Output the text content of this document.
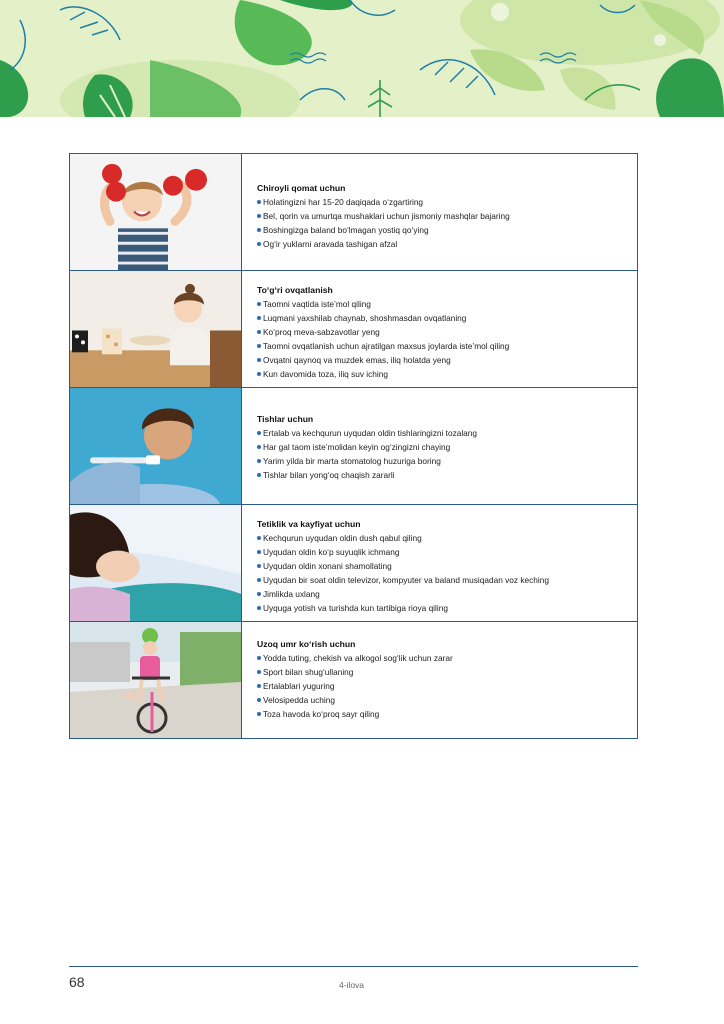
Chiroyli qomat uchun
Holatingizni har 15-20 daqiqada o‘zgartiring
Bel, qorin va umurtqa mushaklari uchun jismoniy mashqlar bajaring
Boshingizga baland bo‘lmagan yostiq qo‘ying
Og‘ir yuklarni aravada tashigan afzal
To‘g‘ri ovqatlanish
Taomni vaqtida iste’mol qiling
Luqmani yaxshilab chaynab, shoshmasdan ovqatlaning
Ko‘proq meva-sabzavotlar yeng
Taomni ovqatlanish uchun ajratilgan maxsus joylarda iste’mol qiling
Ovqatni qaynoq va muzdek emas, iliq holatda yeng
Kun davomida toza, iliq suv iching
Tishlar uchun
Ertalab va kechqurun uyqudan oldin tishlaringizni tozalang
Har gal taom iste’molidan keyin og‘zingizni chaying
Yarim yilda bir marta stomatolog huzuriga boring
Tishlar bilan yong‘oq chaqish zararli
Tetiklik va kayfiyat uchun
Kechqurun uyqudan oldin dush qabul qiling
Uyqudan oldin ko‘p suyuqlik ichmang
Uyqudan oldin xonani shamollating
Uyqudan bir soat oldin televizor, kompyuter va baland musiqadan voz keching
Jimlikda uxlang
Uyquga yotish va turishda kun tartibiga rioya qiling
Uzoq umr ko‘rish uchun
Yodda tuting, chekish va alkogol sog‘lik uchun zarar
Sport bilan shug‘ullaning
Ertalablari yuguring
Velosipedda uching
Toza havoda ko‘proq sayr qiling
68	4-ilova
